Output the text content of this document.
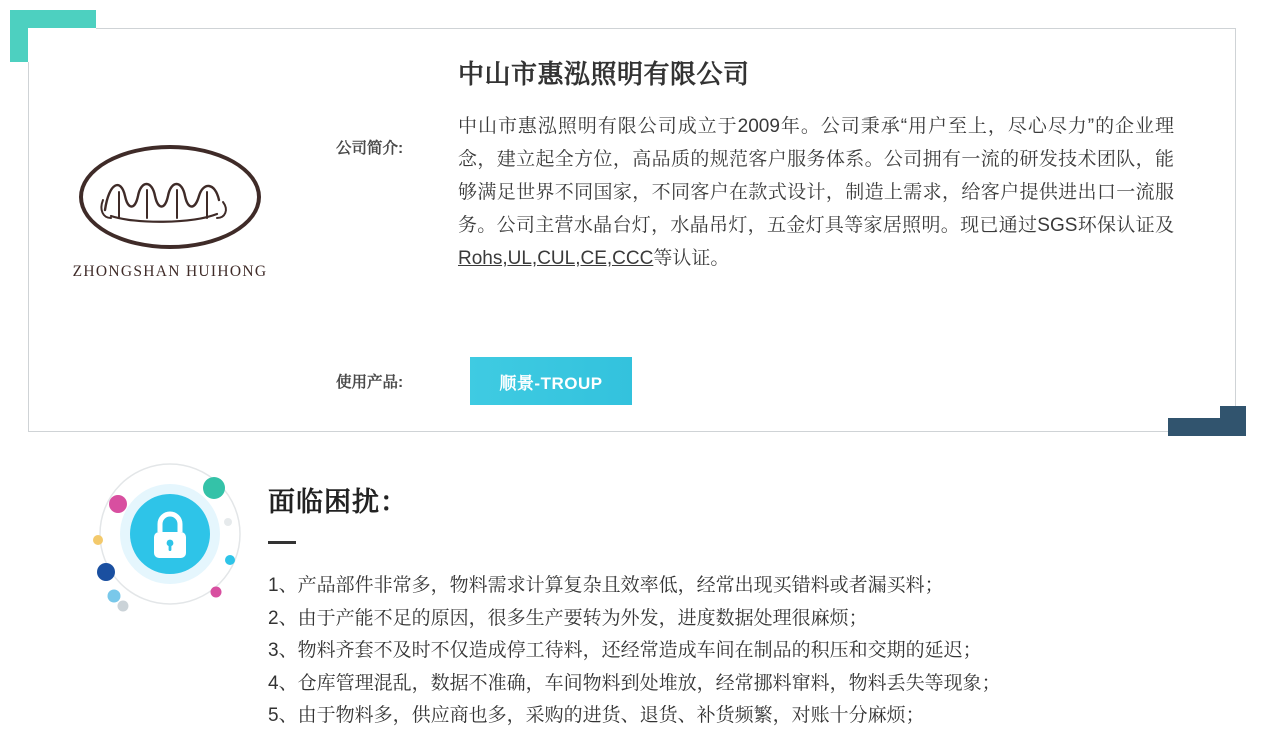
ZHONGSHAN HUIHONG
中山市惠泓照明有限公司
公司简介:
中山市惠泓照明有限公司成立于2009年。公司秉承“用户至上，尽心尽力”的企业理念，建立起全方位，高品质的规范客户服务体系。公司拥有一流的研发技术团队，能够满足世界不同国家，不同客户在款式设计，制造上需求，给客户提供进出口一流服务。公司主营水晶台灯，水晶吊灯，五金灯具等家居照明。现已通过SGS环保认证及Rohs,UL,CUL,CE,CCC等认证。
使用产品:	顺景-TROUP
面临困扰：
1、产品部件非常多，物料需求计算复杂且效率低，经常出现买错料或者漏买料；
2、由于产能不足的原因，很多生产要转为外发，进度数据处理很麻烦；
3、物料齐套不及时不仅造成停工待料，还经常造成车间在制品的积压和交期的延迟；
4、仓库管理混乱，数据不准确，车间物料到处堆放，经常挪料窜料，物料丢失等现象；
5、由于物料多，供应商也多，采购的进货、退货、补货频繁，对账十分麻烦；
